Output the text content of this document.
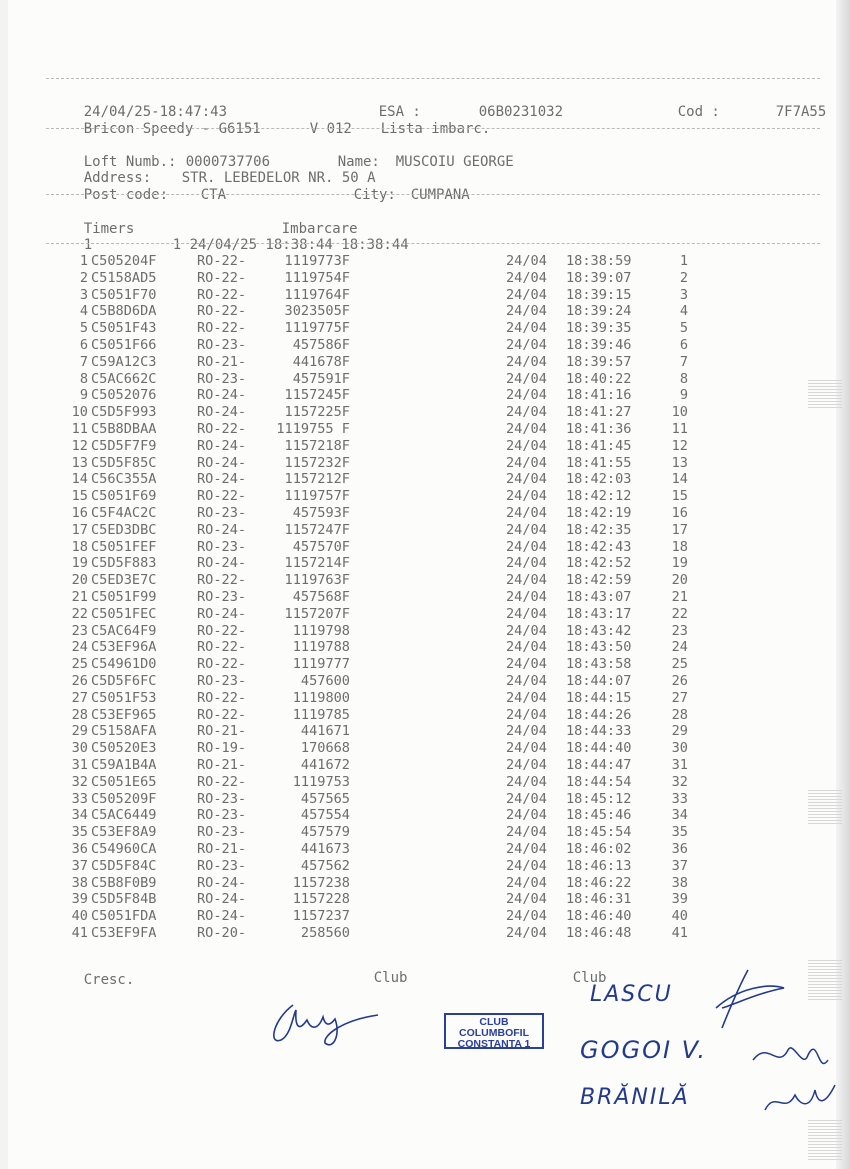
24/04/25-18:47:43
	ESA :
	06B0231032
	Cod :
	7F7A55

Bricon Speedy - G6151
	V 012
	Lista imbarc.

Loft Numb.:
0000737706
	Name:
	MUSCOIU GEORGE

Address:
	STR. LEBEDELOR NR. 50 A

Post code:
	CTA
	City:
	CUMPANA

Timers
	Imbarcare

1
	1 24/04/25 18:38:44 18:38:44

1 C505204F	RO-22-	1119773F	24/04 18:38:59	1
2 C5158AD5	RO-22-	1119754F	24/04 18:39:07	2
3 C5051F70	RO-22-	1119764F	24/04 18:39:15	3
4 C5B8D6DA	RO-22-	3023505F	24/04 18:39:24	4
5 C5051F43	RO-22-	1119775F	24/04 18:39:35	5
6 C5051F66	RO-23-	457586F	24/04 18:39:46	6
7 C59A12C3	RO-21-	441678F	24/04 18:39:57	7
8 C5AC662C	RO-23-	457591F	24/04 18:40:22	8
9 C5052076	RO-24-	1157245F	24/04 18:41:16	9
10 C5D5F993	RO-24-	1157225F	24/04 18:41:27	10
11 C5B8DBAA	RO-22-	1119755 F	24/04 18:41:36	11
12 C5D5F7F9	RO-24-	1157218F	24/04 18:41:45	12
13 C5D5F85C	RO-24-	1157232F	24/04 18:41:55	13
14 C56C355A	RO-24-	1157212F	24/04 18:42:03	14
15 C5051F69	RO-22-	1119757F	24/04 18:42:12	15
16 C5F4AC2C	RO-23-	457593F	24/04 18:42:19	16
17 C5ED3DBC	RO-24-	1157247F	24/04 18:42:35	17
18 C5051FEF	RO-23-	457570F	24/04 18:42:43	18
19 C5D5F883	RO-24-	1157214F	24/04 18:42:52	19
20 C5ED3E7C	RO-22-	1119763F	24/04 18:42:59	20
21 C5051F99	RO-23-	457568F	24/04 18:43:07	21
22 C5051FEC	RO-24-	1157207F	24/04 18:43:17	22
23 C5AC64F9	RO-22-	1119798	24/04 18:43:42	23
24 C53EF96A	RO-22-	1119788	24/04 18:43:50	24
25 C54961D0	RO-22-	1119777	24/04 18:43:58	25
26 C5D5F6FC	RO-23-	457600	24/04 18:44:07	26
27 C5051F53	RO-22-	1119800	24/04 18:44:15	27
28 C53EF965	RO-22-	1119785	24/04 18:44:26	28
29 C5158AFA	RO-21-	441671	24/04 18:44:33	29
30 C50520E3	RO-19-	170668	24/04 18:44:40	30
31 C59A1B4A	RO-21-	441672	24/04 18:44:47	31
32 C5051E65	RO-22-	1119753	24/04 18:44:54	32
33 C505209F	RO-23-	457565	24/04 18:45:12	33
34 C5AC6449	RO-23-	457554	24/04 18:45:46	34
35 C53EF8A9	RO-23-	457579	24/04 18:45:54	35
36 C54960CA	RO-21-	441673	24/04 18:46:02	36
37 C5D5F84C	RO-23-	457562	24/04 18:46:13	37
38 C5B8F0B9	RO-24-	1157238	24/04 18:46:22	38
39 C5D5F84B	RO-24-	1157228	24/04 18:46:31	39
40 C5051FDA	RO-24-	1157237	24/04 18:46:40	40
41 C53EF9FA	RO-20-	258560	24/04 18:46:48	41

Cresc.
	Club
	Club

CLUB
COLUMBOFIL
CONSTANTA 1
LASCU
GOGOI V.
BRĂNILĂ
